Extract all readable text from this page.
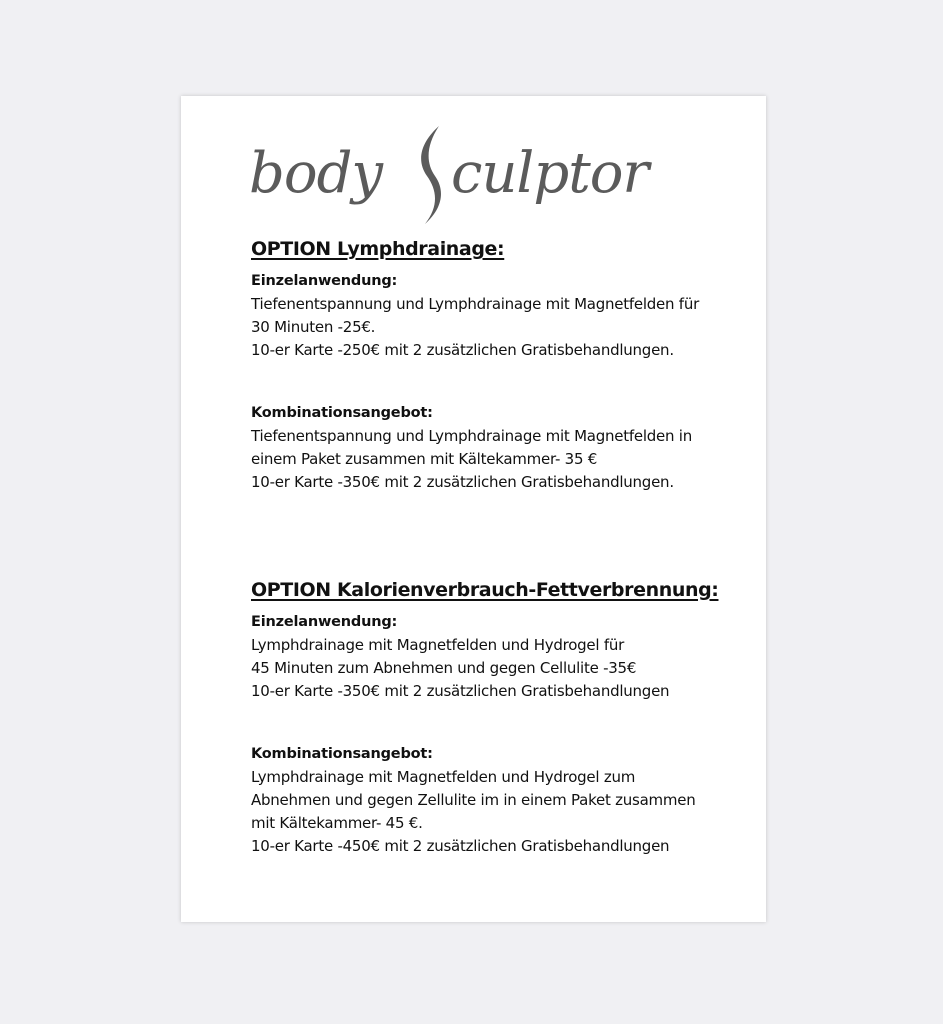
body culptor
OPTION Lymphdrainage:

Einzelanwendung:

Tiefenentspannung und Lymphdrainage mit Magnetfelden für

30 Minuten -25€.

10-er Karte -250€ mit 2 zusätzlichen Gratisbehandlungen.

Kombinationsangebot:

Tiefenentspannung und Lymphdrainage mit Magnetfelden in

einem Paket zusammen mit Kältekammer- 35 €

10-er Karte -350€ mit 2 zusätzlichen Gratisbehandlungen.

OPTION Kalorienverbrauch-Fettverbrennung:

Einzelanwendung:

Lymphdrainage mit Magnetfelden und Hydrogel für

45 Minuten zum Abnehmen und gegen Cellulite -35€

10-er Karte -350€ mit 2 zusätzlichen Gratisbehandlungen

Kombinationsangebot:

Lymphdrainage mit Magnetfelden und Hydrogel zum

Abnehmen und gegen Zellulite im in einem Paket zusammen

mit Kältekammer- 45 €.

10-er Karte -450€ mit 2 zusätzlichen Gratisbehandlungen
